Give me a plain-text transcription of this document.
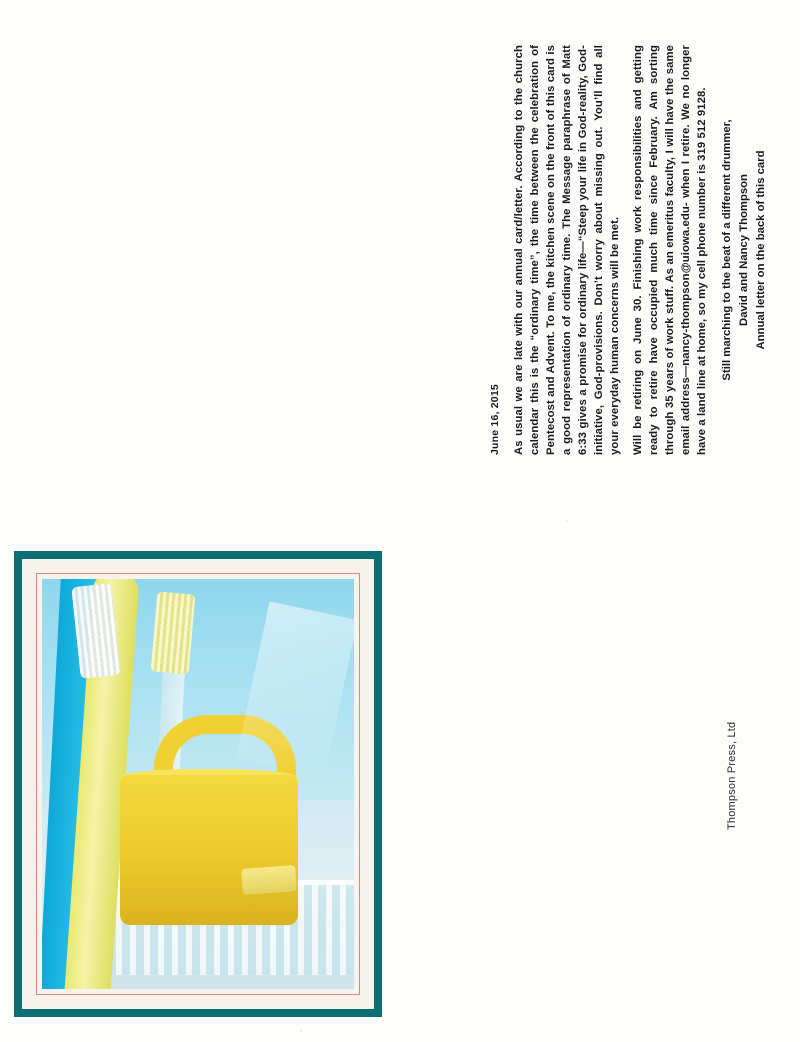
June 16, 2015 As usual we are late with our annual card/letter. According to the church calendar this is the “ordinary time”, the time between the celebration of Pentecost and Advent. To me, the kitchen scene on the front of this card is a good representation of ordinary time. The Message paraphrase of Matt 6:33 gives a promise for ordinary life—“Steep your life in God-reality, God-initiative, God-provisions. Don’t worry about missing out. You’ll find all your everyday human concerns will be met. Will be retiring on June 30. Finishing work responsibilities and getting ready to retire have occupied much time since February. Am sorting through 35 years of work stuff. As an emeritus faculty, I will have the same email address—nancy-thompson@uiowa.edu- when I retire. We no longer have a land line at home, so my cell phone number is 319 512 9128. Still marching to the beat of a different drummer, David and Nancy Thompson Annual letter on the back of this card
Thompson Press, Ltd
